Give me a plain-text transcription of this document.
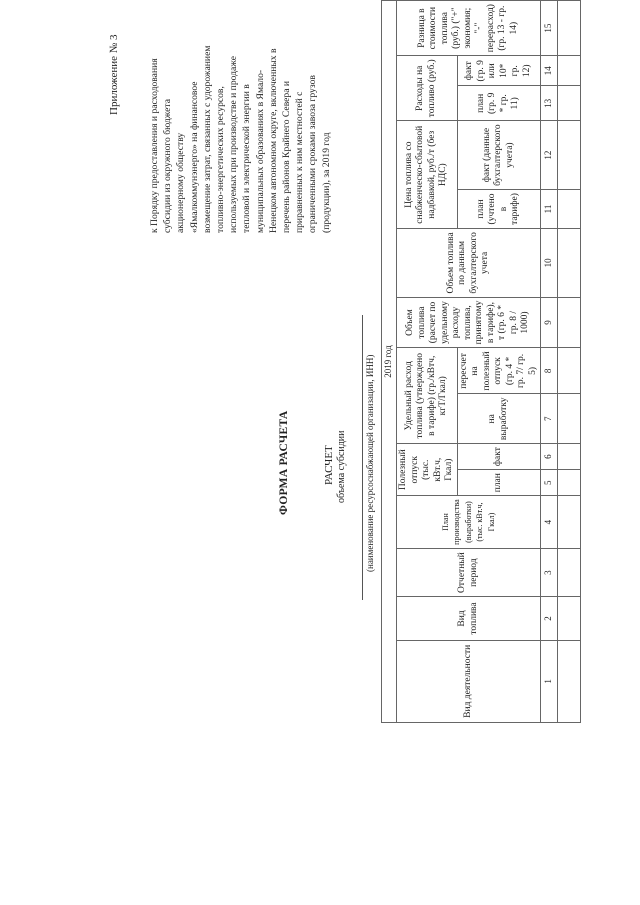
Приложение № 3	к Порядку предоставления и расходования субсидии из окружного бюджета акционерному обществу «Ямалкоммунэнерго» на финансовое возмещение затрат, связанных с удорожанием топливно-энергетических ресурсов, используемых при производстве и продаже тепловой и электрической энергии в муниципальных образованиях в Ямало-Ненецком автономном округе, включенных в перечень районов Крайнего Севера и приравненных к ним местностей с ограниченными сроками завоза грузов (продукции), за 2019 год

ФОРМА РАСЧЕТА	РАСЧЕТ объема субсидии (наименование ресурсоснабжающей организации, ИНН) 2019 год														
Вид деятельности	Вид топлива	Отчетный период	План производства (выработки) (тыс. кВт.ч, Гкал)	Полезный отпуск (тыс. кВт.ч, Гкал)		Удельный расход топлива (утверждено в тарифе) (гр./кВтч, кгТ/Гкал)		Объем топлива (расчет по удельному расходу топлива, принятому в тарифе), т (гр. 6 * гр. 8 / 1000)	Объем топлива по данным бухгалтерского учета	Цена топлива со снабженческо-сбытовой надбавкой, руб./т (без НДС)		Расходы на топливо (руб.)		Разница в стоимости топлива (руб.) ("+" экономия; "-" перерасход) (гр. 13 - гр. 14)
				план	факт	на выработку	пересчет на полезный отпуск (гр. 4 * гр. 7/ гр. 5)			план (учтено в тарифе)	факт (данные бухгалтерского учета)	план (гр. 9 * гр. 11)	факт (гр. 9 или 10* гр. 12)	
1	2	3	4	5	6	7	8	9	10	11	12	13	14	15
